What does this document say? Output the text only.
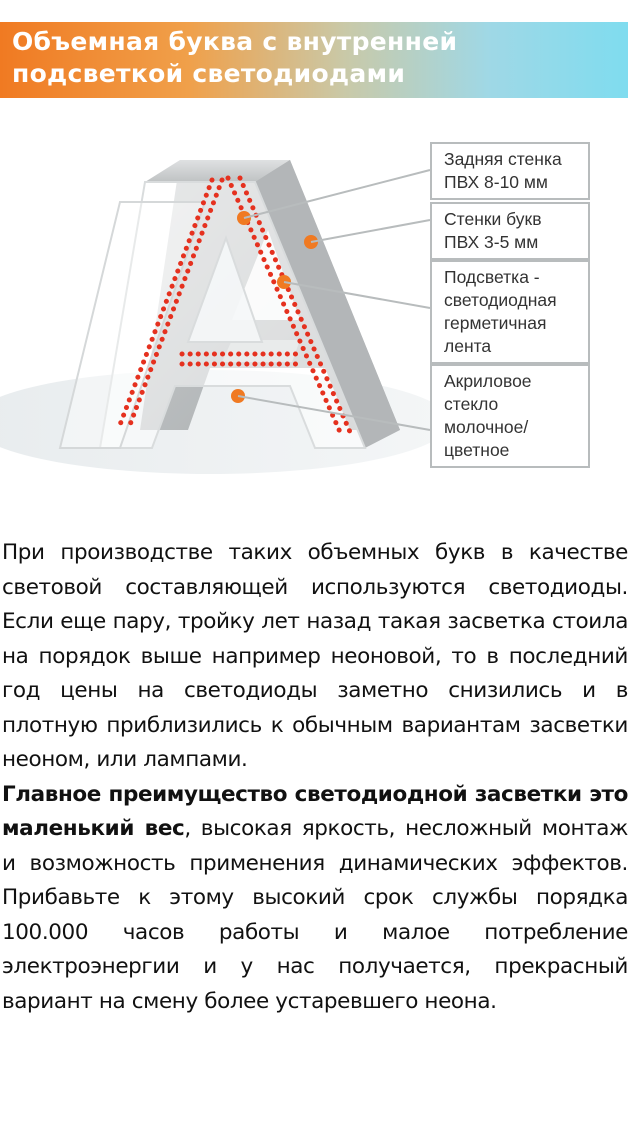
Объемная буква с внутренней
подсветкой светодиодами
Задняя стенка
ПВХ 8-10 мм
Стенки букв
ПВХ 3-5 мм
Подсветка -
светодиодная
герметичная
лента
Акриловое
стекло
молочное/
цветное

При производстве таких объемных букв в качестве световой составляющей используются светодиоды. Если еще пару, тройку лет назад такая засветка стоила на порядок выше например неоновой, то в последний год цены на светодиоды заметно снизились и в плотную приблизились к обычным вариантам засветки неоном, или лампами.

Главное преимущество светодиодной засветки это маленький вес, высокая яркость, несложный монтаж и возможность применения динамических эффектов. Прибавьте к этому высокий срок службы порядка 100.000 часов работы и малое потребление электроэнергии и у нас получается, прекрасный вариант на смену более устаревшего неона.
